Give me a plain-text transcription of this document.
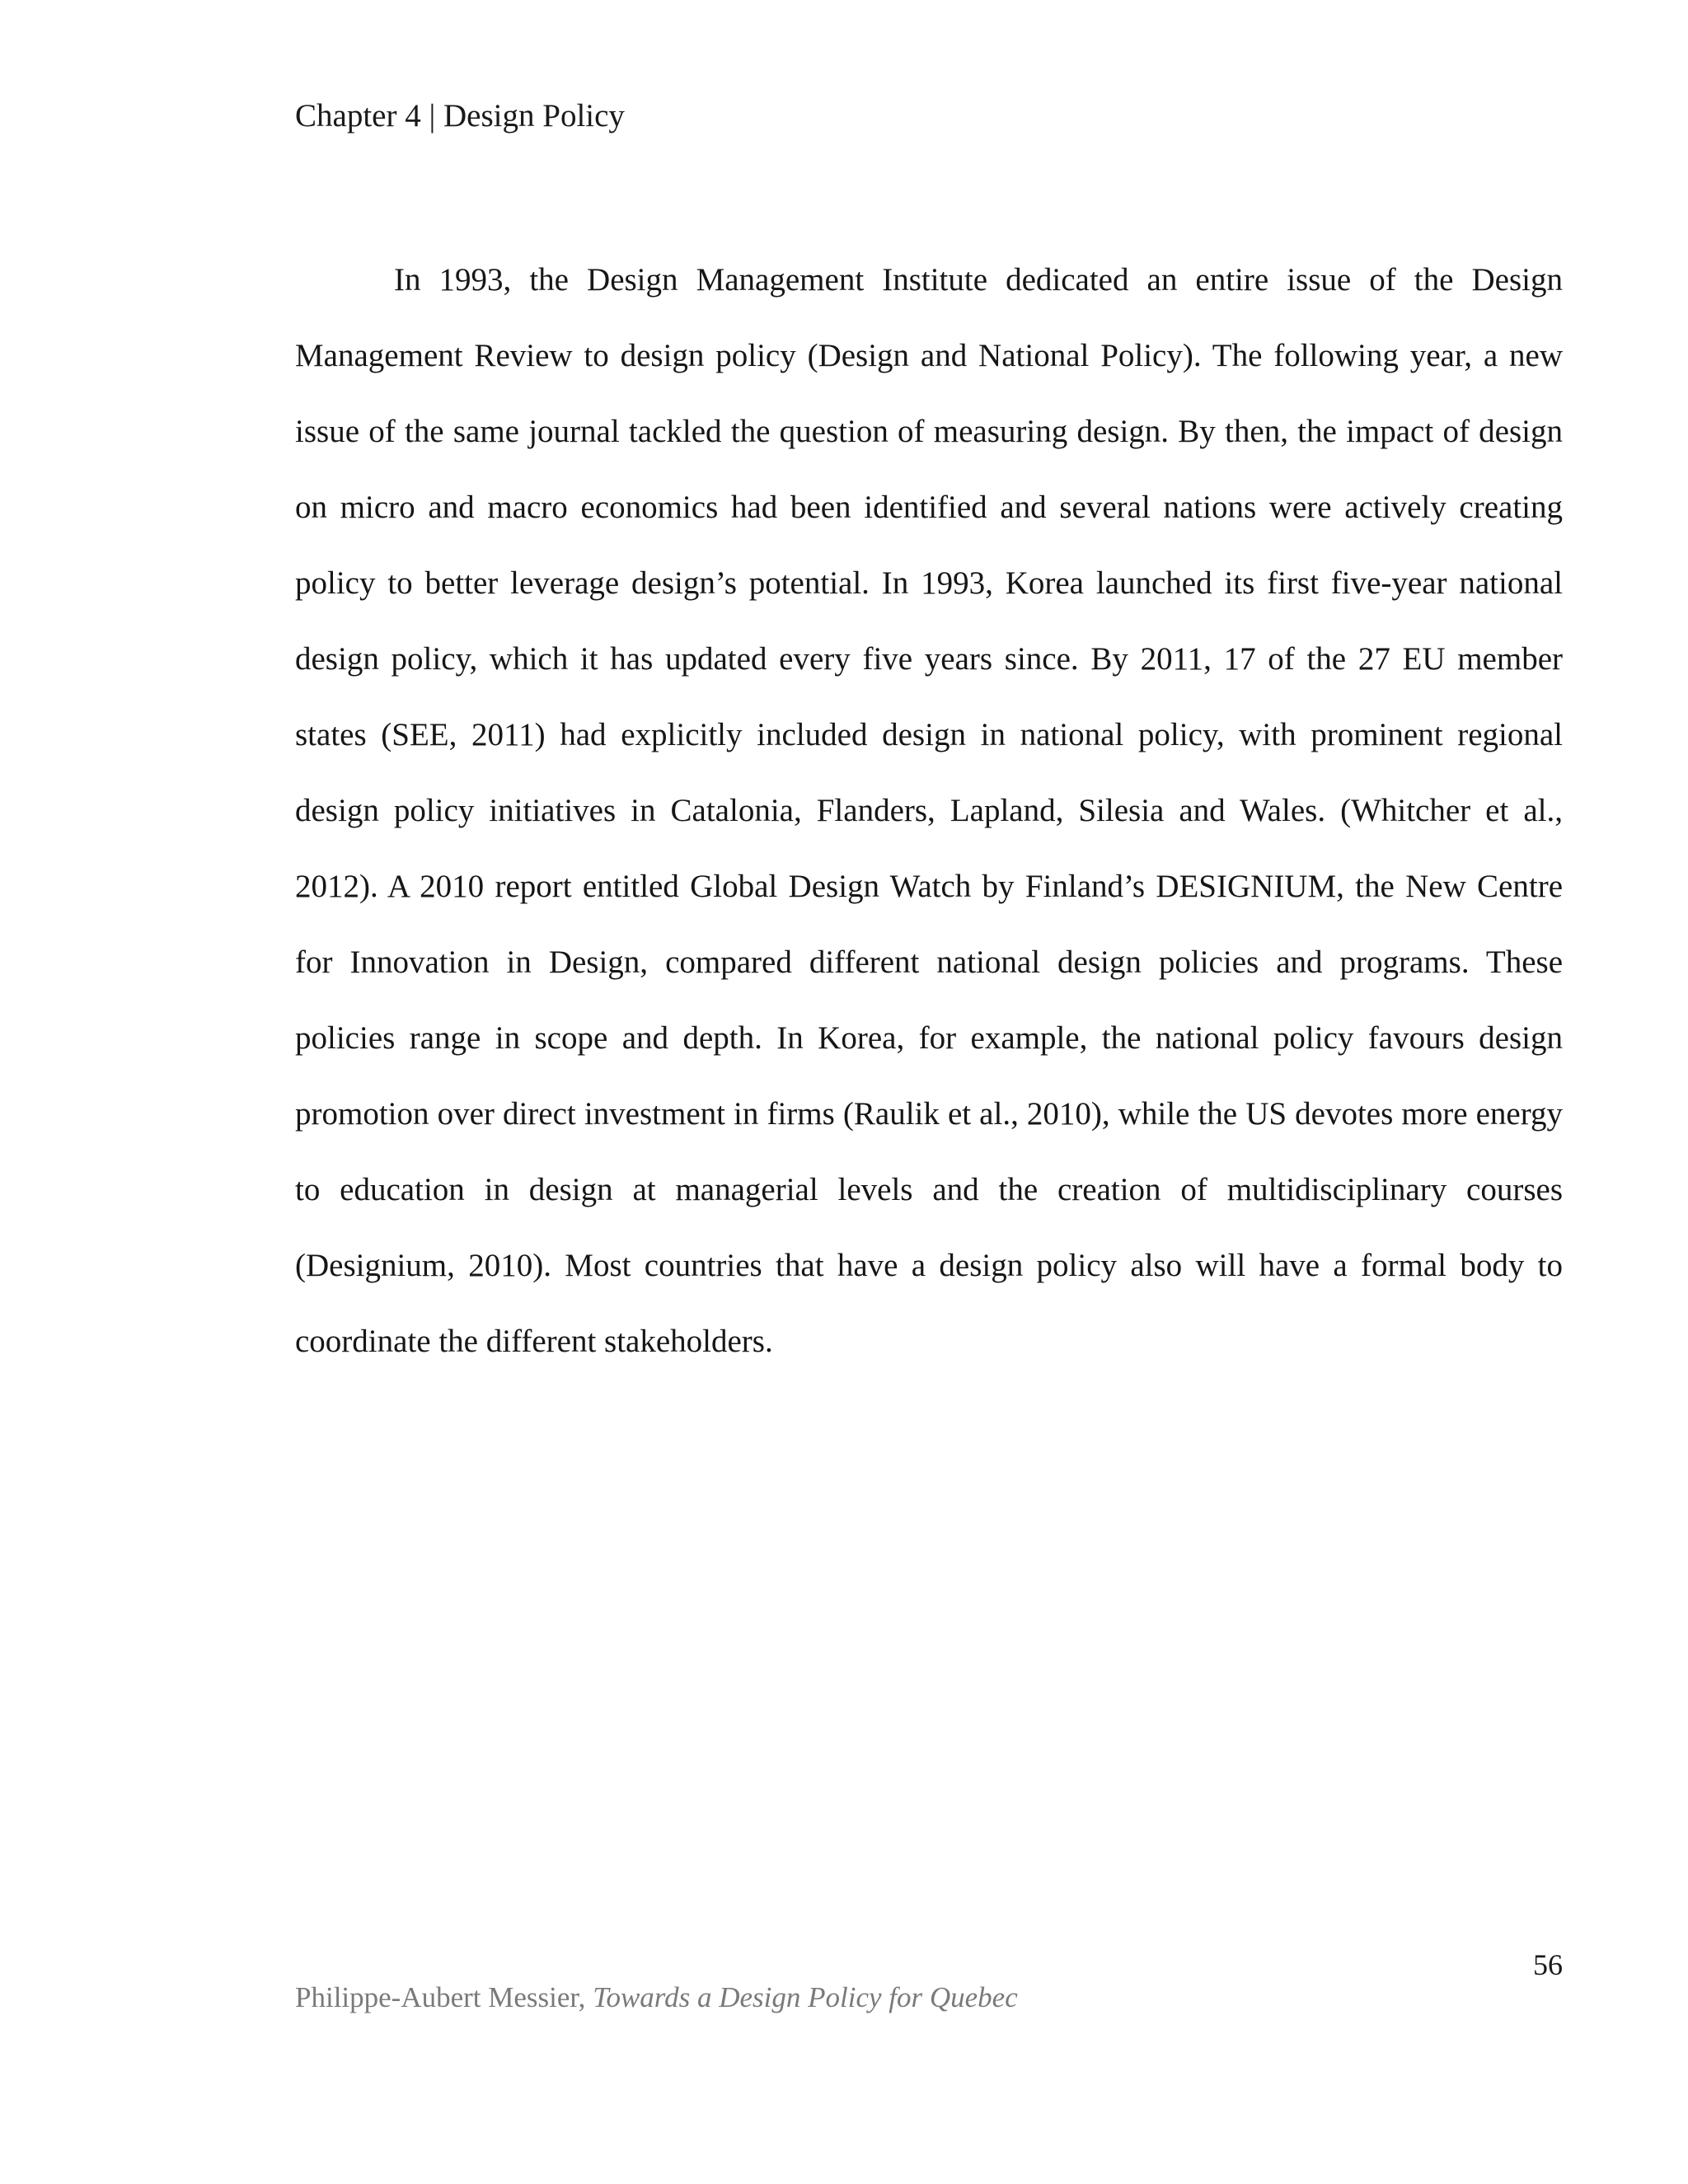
Chapter 4 | Design Policy

In 1993, the Design Management Institute dedicated an entire issue of the Design Management Review to design policy (Design and National Policy). The following year, a new issue of the same journal tackled the question of measuring design. By then, the impact of design on micro and macro economics had been identified and several nations were actively creating policy to better leverage design’s potential. In 1993, Korea launched its first five-year national design policy, which it has updated every five years since. By 2011, 17 of the 27 EU member states (SEE, 2011) had explicitly included design in national policy, with prominent regional design policy initiatives in Catalonia, Flanders, Lapland, Silesia and Wales. (Whitcher et al., 2012). A 2010 report entitled Global Design Watch by Finland’s DESIGNIUM, the New Centre for Innovation in Design, compared different national design policies and programs. These policies range in scope and depth. In Korea, for example, the national policy favours design promotion over direct investment in firms (Raulik et al., 2010), while the US devotes more energy to education in design at managerial levels and the creation of multidisciplinary courses (Designium, 2010). Most countries that have a design policy also will have a formal body to coordinate the different stakeholders.

56
Philippe-Aubert Messier, Towards a Design Policy for Quebec
